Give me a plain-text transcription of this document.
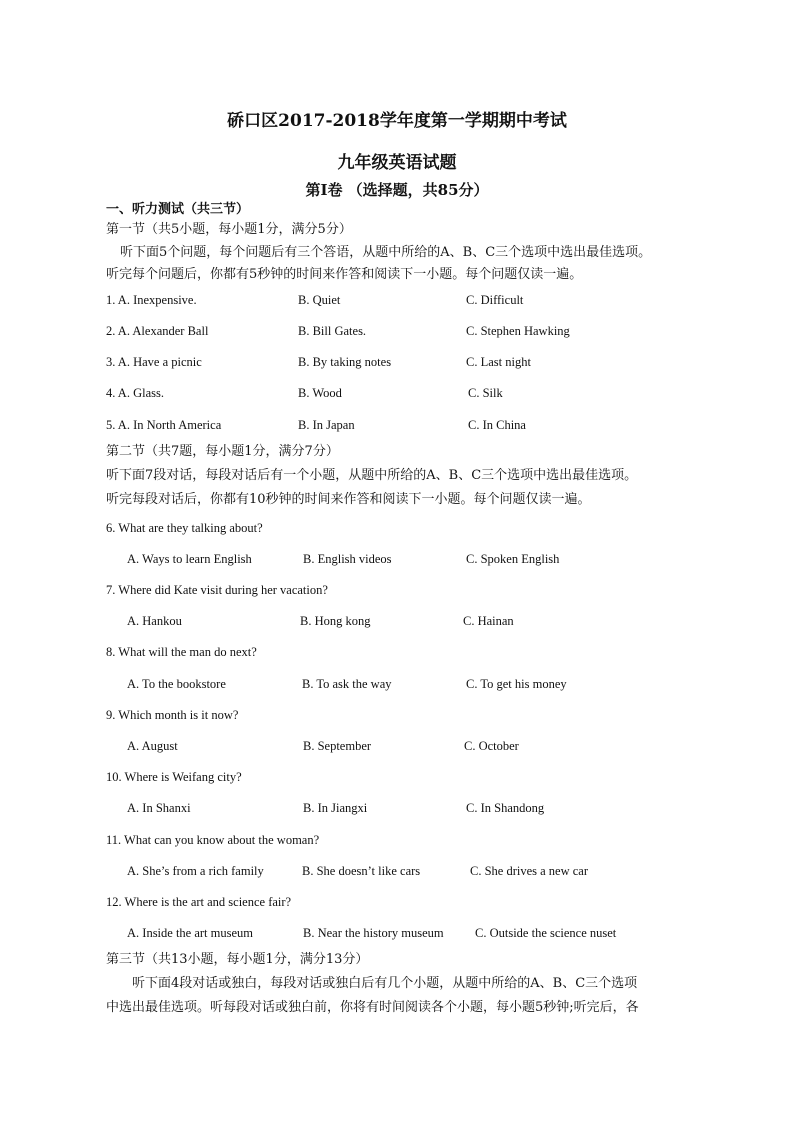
硚口区2017-2018学年度第一学期期中考试
九年级英语试题
第Ⅰ卷 （选择题，共85分）
一、听力测试（共三节）
第一节（共5小题，每小题1分，满分5分）
听下面5个问题，每个问题后有三个答语，从题中所给的A、B、C三个选项中选出最佳选项。
听完每个问题后，你都有5秒钟的时间来作答和阅读下一小题。每个问题仅读一遍。
1. A. Inexpensive.	B. Quiet	C. Difficult
2. A. Alexander Ball	B. Bill Gates.	C. Stephen Hawking
3. A. Have a picnic	B. By taking notes	C. Last night
4. A. Glass.	B. Wood	C. Silk
5. A. In North America	B. In Japan	C. In China
第二节（共7题，每小题1分，满分7分）
听下面7段对话，每段对话后有一个小题，从题中所给的A、B、C三个选项中选出最佳选项。
听完每段对话后，你都有10秒钟的时间来作答和阅读下一小题。每个问题仅读一遍。
6. What are they talking about?
A. Ways to learn English	B. English videos	C. Spoken English
7. Where did Kate visit during her vacation?
A. Hankou	B. Hong kong	C. Hainan
8. What will the man do next?
A. To the bookstore	B. To ask the way	C. To get his money
9. Which month is it now?
A. August	B. September	C. October
10. Where is Weifang city?
A. In Shanxi	B. In Jiangxi	C. In Shandong
11. What can you know about the woman?
A. She’s from a rich family	B. She doesn’t like cars	C. She drives a new car
12. Where is the art and science fair?
A. Inside the art museum	B. Near the history museum	C. Outside the science nuset
第三节（共13小题，每小题1分，满分13分）
听下面4段对话或独白，每段对话或独白后有几个小题，从题中所给的A、B、C三个选项
中选出最佳选项。听每段对话或独白前，你将有时间阅读各个小题，每小题5秒钟;听完后，各
